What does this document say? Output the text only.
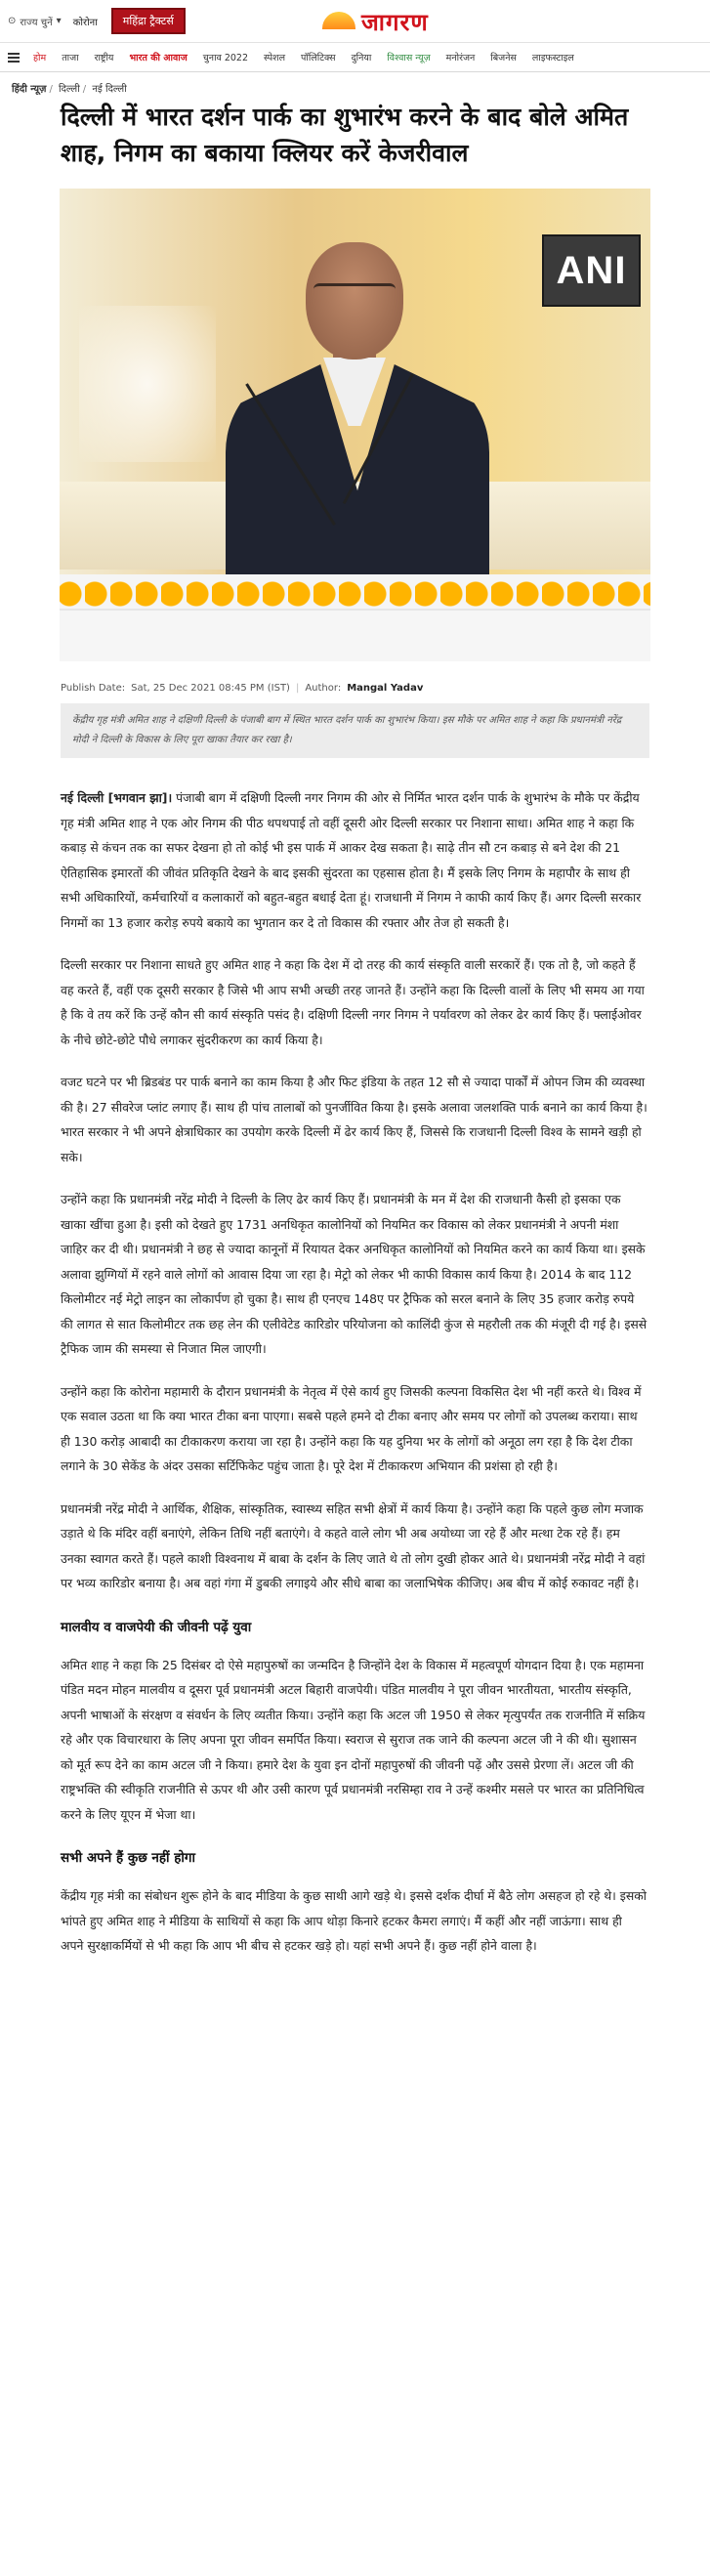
⊙ राज्य चुनें ▾ कोरोना	महिंद्रा ट्रैक्टर्स	जागरण
होम	ताजा	राष्ट्रीय	भारत की आवाज	चुनाव 2022	स्पेशल	पॉलिटिक्स	दुनिया	विश्वास न्यूज़	मनोरंजन	बिजनेस	लाइफस्टाइल
हिंदी न्यूज़ / दिल्ली / नई दिल्ली
दिल्ली में भारत दर्शन पार्क का शुभारंभ करने के बाद बोले अमित शाह, निगम का बकाया क्लियर करें केजरीवाल
ANI
Publish Date: Sat, 25 Dec 2021 08:45 PM (IST) | Author: Mangal Yadav
केंद्रीय गृह मंत्री अमित शाह ने दक्षिणी दिल्ली के पंजाबी बाग में स्थित भारत दर्शन पार्क का शुभारंभ किया। इस मौके पर अमित शाह ने कहा कि प्रधानमंत्री नरेंद्र मोदी ने दिल्ली के विकास के लिए पूरा खाका तैयार कर रखा है।

नई दिल्ली [भगवान झा]। पंजाबी बाग में दक्षिणी दिल्ली नगर निगम की ओर से निर्मित भारत दर्शन पार्क के शुभारंभ के मौके पर केंद्रीय गृह मंत्री अमित शाह ने एक ओर निगम की पीठ थपथपाई तो वहीं दूसरी ओर दिल्ली सरकार पर निशाना साधा। अमित शाह ने कहा कि कबाड़ से कंचन तक का सफर देखना हो तो कोई भी इस पार्क में आकर देख सकता है। साढ़े तीन सौ टन कबाड़ से बने देश की 21 ऐतिहासिक इमारतों की जीवंत प्रतिकृति देखने के बाद इसकी सुंदरता का एहसास होता है। मैं इसके लिए निगम के महापौर के साथ ही सभी अधिकारियों, कर्मचारियों व कलाकारों को बहुत-बहुत बधाई देता हूं। राजधानी में निगम ने काफी कार्य किए हैं। अगर दिल्ली सरकार निगमों का 13 हजार करोड़ रुपये बकाये का भुगतान कर दे तो विकास की रफ्तार और तेज हो सकती है।

दिल्ली सरकार पर निशाना साधते हुए अमित शाह ने कहा कि देश में दो तरह की कार्य संस्कृति वाली सरकारें हैं। एक तो है, जो कहते हैं वह करते हैं, वहीं एक दूसरी सरकार है जिसे भी आप सभी अच्छी तरह जानते हैं। उन्होंने कहा कि दिल्ली वालों के लिए भी समय आ गया है कि वे तय करें कि उन्हें कौन सी कार्य संस्कृति पसंद है। दक्षिणी दिल्ली नगर निगम ने पर्यावरण को लेकर ढेर कार्य किए हैं। फ्लाईओवर के नीचे छोटे-छोटे पौधे लगाकर सुंदरीकरण का कार्य किया है।

वजट घटने पर भी ब्रिडबंड पर पार्क बनाने का काम किया है और फिट इंडिया के तहत 12 सौ से ज्यादा पार्कों में ओपन जिम की व्यवस्था की है। 27 सीवरेज प्लांट लगाए हैं। साथ ही पांच तालाबों को पुनर्जीवित किया है। इसके अलावा जलशक्ति पार्क बनाने का कार्य किया है। भारत सरकार ने भी अपने क्षेत्राधिकार का उपयोग करके दिल्ली में ढेर कार्य किए हैं, जिससे कि राजधानी दिल्ली विश्व के सामने खड़ी हो सके।

उन्होंने कहा कि प्रधानमंत्री नरेंद्र मोदी ने दिल्ली के लिए ढेर कार्य किए हैं। प्रधानमंत्री के मन में देश की राजधानी कैसी हो इसका एक खाका खींचा हुआ है। इसी को देखते हुए 1731 अनधिकृत कालोनियों को नियमित कर विकास को लेकर प्रधानमंत्री ने अपनी मंशा जाहिर कर दी थी। प्रधानमंत्री ने छह से ज्यादा कानूनों में रियायत देकर अनधिकृत कालोनियों को नियमित करने का कार्य किया था। इसके अलावा झुग्गियों में रहने वाले लोगों को आवास दिया जा रहा है। मेट्रो को लेकर भी काफी विकास कार्य किया है। 2014 के बाद 112 किलोमीटर नई मेट्रो लाइन का लोकार्पण हो चुका है। साथ ही एनएच 148ए पर ट्रैफिक को सरल बनाने के लिए 35 हजार करोड़ रुपये की लागत से सात किलोमीटर तक छह लेन की एलीवेटेड कारिडोर परियोजना को कालिंदी कुंज से महरौली तक की मंजूरी दी गई है। इससे ट्रैफिक जाम की समस्या से निजात मिल जाएगी।

उन्होंने कहा कि कोरोना महामारी के दौरान प्रधानमंत्री के नेतृत्व में ऐसे कार्य हुए जिसकी कल्पना विकसित देश भी नहीं करते थे। विश्व में एक सवाल उठता था कि क्या भारत टीका बना पाएगा। सबसे पहले हमने दो टीका बनाए और समय पर लोगों को उपलब्ध कराया। साथ ही 130 करोड़ आबादी का टीकाकरण कराया जा रहा है। उन्होंने कहा कि यह दुनिया भर के लोगों को अनूठा लग रहा है कि देश टीका लगाने के 30 सेकेंड के अंदर उसका सर्टिफिकेट पहुंच जाता है। पूरे देश में टीकाकरण अभियान की प्रशंसा हो रही है।

प्रधानमंत्री नरेंद्र मोदी ने आर्थिक, शैक्षिक, सांस्कृतिक, स्वास्थ्य सहित सभी क्षेत्रों में कार्य किया है। उन्होंने कहा कि पहले कुछ लोग मजाक उड़ाते थे कि मंदिर वहीं बनाएंगे, लेकिन तिथि नहीं बताएंगे। वे कहते वाले लोग भी अब अयोध्या जा रहे हैं और मत्था टेक रहे हैं। हम उनका स्वागत करते हैं। पहले काशी विश्वनाथ में बाबा के दर्शन के लिए जाते थे तो लोग दुखी होकर आते थे। प्रधानमंत्री नरेंद्र मोदी ने वहां पर भव्य कारिडोर बनाया है। अब वहां गंगा में डुबकी लगाइये और सीधे बाबा का जलाभिषेक कीजिए। अब बीच में कोई रुकावट नहीं है।

मालवीय व वाजपेयी की जीवनी पढ़ें युवा

अमित शाह ने कहा कि 25 दिसंबर दो ऐसे महापुरुषों का जन्मदिन है जिन्होंने देश के विकास में महत्वपूर्ण योगदान दिया है। एक महामना पंडित मदन मोहन मालवीय व दूसरा पूर्व प्रधानमंत्री अटल बिहारी वाजपेयी। पंडित मालवीय ने पूरा जीवन भारतीयता, भारतीय संस्कृति, अपनी भाषाओं के संरक्षण व संवर्धन के लिए व्यतीत किया। उन्होंने कहा कि अटल जी 1950 से लेकर मृत्युपर्यंत तक राजनीति में सक्रिय रहे और एक विचारधारा के लिए अपना पूरा जीवन समर्पित किया। स्वराज से सुराज तक जाने की कल्पना अटल जी ने की थी। सुशासन को मूर्त रूप देने का काम अटल जी ने किया। हमारे देश के युवा इन दोनों महापुरुषों की जीवनी पढ़ें और उससे प्रेरणा लें। अटल जी की राष्ट्रभक्ति की स्वीकृति राजनीति से ऊपर थी और उसी कारण पूर्व प्रधानमंत्री नरसिम्हा राव ने उन्हें कश्मीर मसले पर भारत का प्रतिनिधित्व करने के लिए यूएन में भेजा था।

सभी अपने हैं कुछ नहीं होगा

केंद्रीय गृह मंत्री का संबोधन शुरू होने के बाद मीडिया के कुछ साथी आगे खड़े थे। इससे दर्शक दीर्घा में बैठे लोग असहज हो रहे थे। इसको भांपते हुए अमित शाह ने मीडिया के साथियों से कहा कि आप थोड़ा किनारे हटकर कैमरा लगाएं। मैं कहीं और नहीं जाऊंगा। साथ ही अपने सुरक्षाकर्मियों से भी कहा कि आप भी बीच से हटकर खड़े हो। यहां सभी अपने हैं। कुछ नहीं होने वाला है।
